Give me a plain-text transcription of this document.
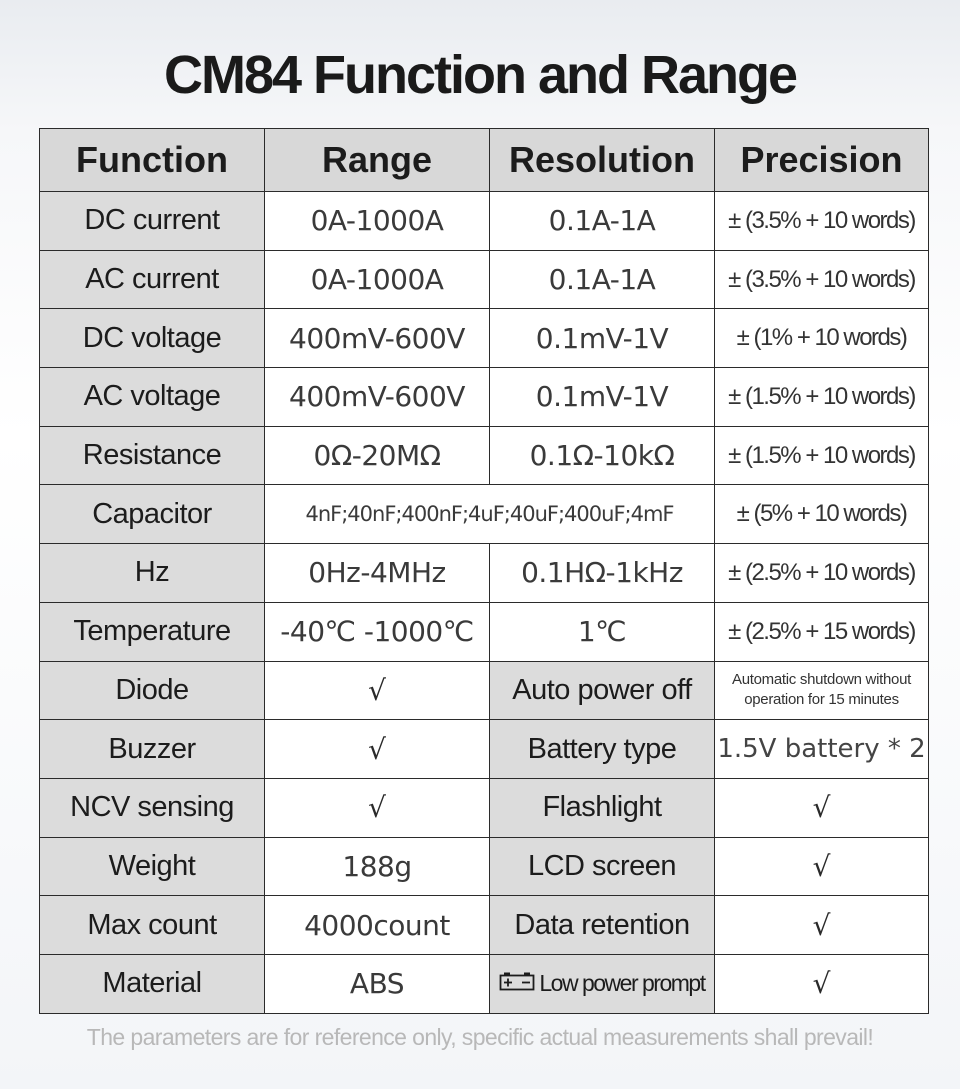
CM84 Function and Range
Function	Range	Resolution	Precision
DC current	0A-1000A	0.1A-1A	± (3.5% + 10 words)
AC current	0A-1000A	0.1A-1A	± (3.5% + 10 words)
DC voltage	400mV-600V	0.1mV-1V	± (1% + 10 words)
AC voltage	400mV-600V	0.1mV-1V	± (1.5% + 10 words)
Resistance	0Ω-20MΩ	0.1Ω-10kΩ	± (1.5% + 10 words)
Capacitor	4nF;40nF;400nF;4uF;40uF;400uF;4mF		± (5% + 10 words)
Hz	0Hz-4MHz	0.1HΩ-1kHz	± (2.5% + 10 words)
Temperature	-40℃ -1000℃	1℃	± (2.5% + 15 words)
Diode	√	Auto power off	Automatic shutdown without operation for 15 minutes

Buzzer	√	Battery type	1.5V battery * 2
NCV sensing	√	Flashlight	√
Weight	188g	LCD screen	√
Max count	4000count	Data retention	√
Material	ABS	Low power prompt	√
The parameters are for reference only, specific actual measurements shall prevail!
